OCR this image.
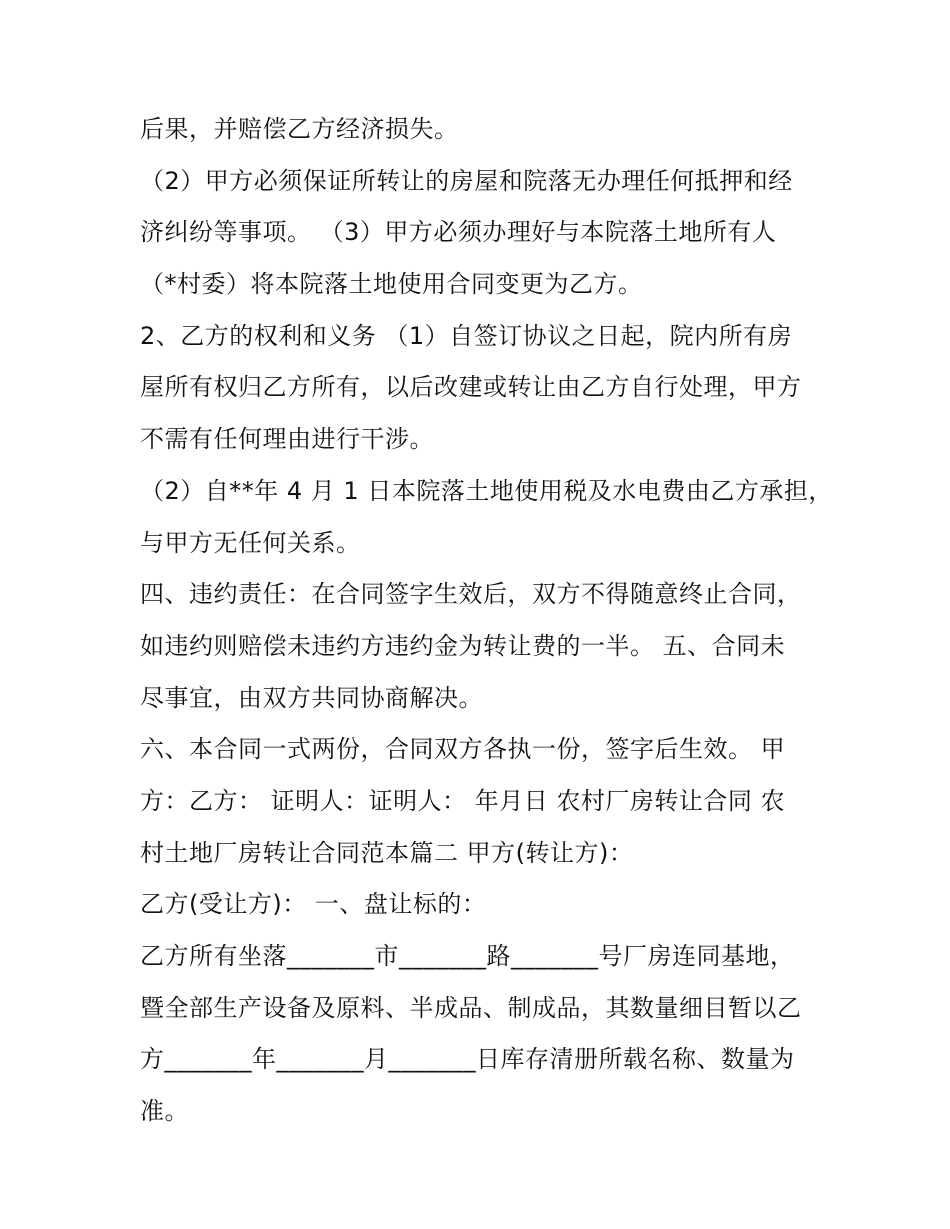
后果，并赔偿乙方经济损失。
（2）甲方必须保证所转让的房屋和院落无办理任何抵押和经
济纠纷等事项。 （3）甲方必须办理好与本院落土地所有人
（*村委）将本院落土地使用合同变更为乙方。
2、乙方的权利和义务 （1）自签订协议之日起，院内所有房
屋所有权归乙方所有，以后改建或转让由乙方自行处理，甲方
不需有任何理由进行干涉。
（2）自**年 4 月 1 日本院落土地使用税及水电费由乙方承担，
与甲方无任何关系。
四、违约责任：在合同签字生效后，双方不得随意终止合同，
如违约则赔偿未违约方违约金为转让费的一半。 五、合同未
尽事宜，由双方共同协商解决。
六、本合同一式两份，合同双方各执一份，签字后生效。 甲
方：乙方： 证明人：证明人： 年月日 农村厂房转让合同 农
村土地厂房转让合同范本篇二 甲方(转让方)：
乙方(受让方)： 一、盘让标的：
乙方所有坐落_______市_______路_______号厂房连同基地，
暨全部生产设备及原料、半成品、制成品，其数量细目暂以乙
方_______年_______月_______日库存清册所载名称、数量为
准。
